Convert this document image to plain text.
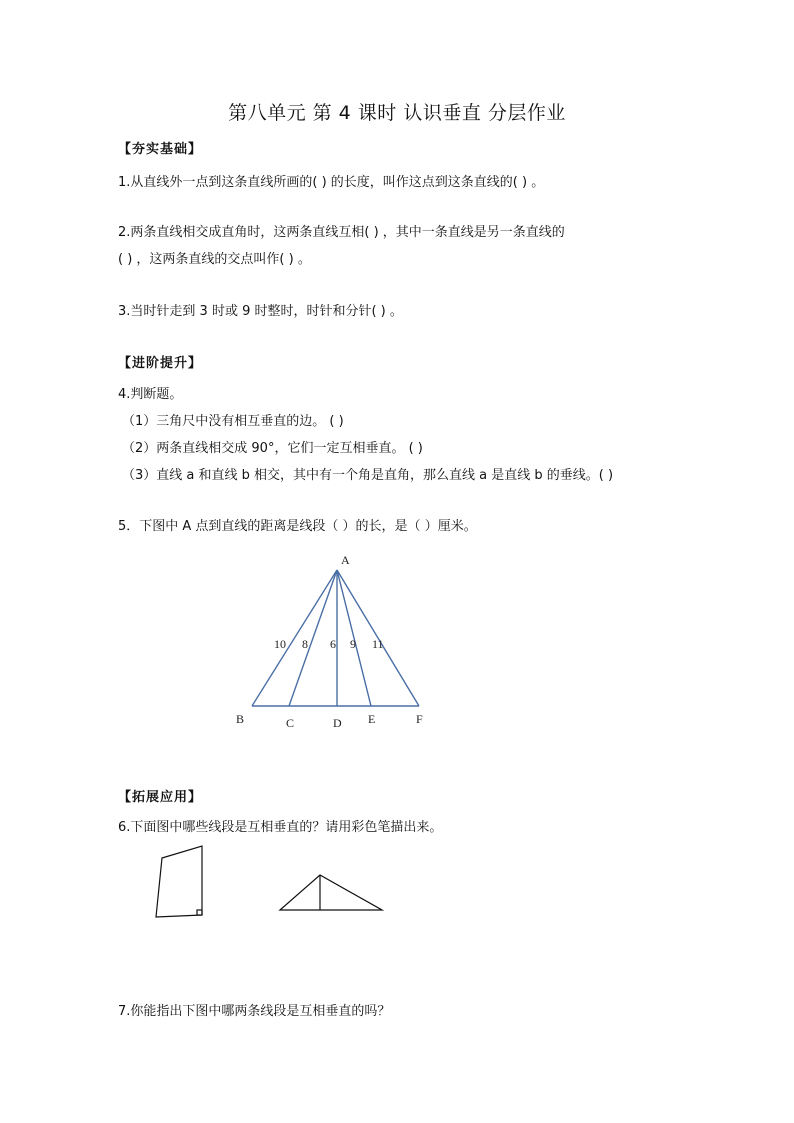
第八单元 第 4 课时 认识垂直 分层作业
【夯实基础】
1.从直线外一点到这条直线所画的( ) 的长度，叫作这点到这条直线的( ) 。
2.两条直线相交成直角时，这两条直线互相( ) ，其中一条直线是另一条直线的
( ) ，这两条直线的交点叫作( ) 。
3.当时针走到 3 时或 9 时整时，时针和分针( ) 。
【进阶提升】
4.判断题。
（1）三角尺中没有相互垂直的边。 ( )
（2）两条直线相交成 90°，它们一定互相垂直。 ( )
（3）直线 a 和直线 b 相交，其中有一个角是直角，那么直线 a 是直线 b 的垂线。( )
5．下图中 A 点到直线的距离是线段（ ）的长，是（ ）厘米。
A
B	C	D E	F
10 8 6 9 11
【拓展应用】
6.下面图中哪些线段是互相垂直的？请用彩色笔描出来。
7.你能指出下图中哪两条线段是互相垂直的吗？
